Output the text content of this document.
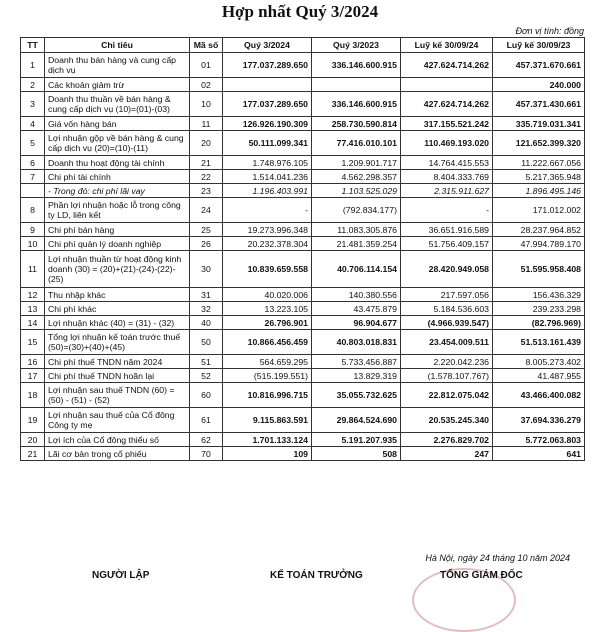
Hợp nhất Quý 3/2024
Đơn vị tính: đồng
TT	Chỉ tiêu	Mã số	Quý 3/2024	Quý 3/2023	Luỹ kế 30/09/24	Luỹ kế 30/09/23
1	Doanh thu bán hàng và cung cấp dịch vụ	01	177.037.289.650	336.146.600.915	427.624.714.262	457.371.670.661
2	Các khoản giảm trừ	02				240.000
3	Doanh thu thuần về bán hàng & cung cấp dịch vụ (10)=(01)-(03)	10	177.037.289.650	336.146.600.915	427.624.714.262	457.371.430.661
4	Giá vốn hàng bán	11	126.926.190.309	258.730.590.814	317.155.521.242	335.719.031.341
5	Lợi nhuận gộp về bán hàng & cung cấp dịch vụ (20)=(10)-(11)	20	50.111.099.341	77.416.010.101	110.469.193.020	121.652.399.320
6	Doanh thu hoạt động tài chính	21	1.748.976.105	1.209.901.717	14.764.415.553	11.222.667.056
7	Chi phí tài chính	22	1.514.041.236	4.562.298.357	8.404.333.769	5.217.365.948
	- Trong đó: chi phí lãi vay	23	1.196.403.991	1.103.525.029	2.315.911.627	1.896.495.146
8	Phần lợi nhuận hoặc lỗ trong công ty LD, liên kết	24	-	(792.834.177)	-	171.012.002
9	Chi phí bán hàng	25	19.273.996.348	11.083.305.876	36.651.916.589	28.237.964.852
10	Chi phí quản lý doanh nghiệp	26	20.232.378.304	21.481.359.254	51.756.409.157	47.994.789.170
11	Lợi nhuận thuần từ hoạt động kinh doanh (30) = (20)+(21)-(24)-(22)-(25)	30	10.839.659.558	40.706.114.154	28.420.949.058	51.595.958.408
12	Thu nhập khác	31	40.020.006	140.380.556	217.597.056	156.436.329
13	Chi phí khác	32	13.223.105	43.475.879	5.184.536.603	239.233.298
14	Lợi nhuận khác (40) = (31) - (32)	40	26.796.901	96.904.677	(4.966.939.547)	(82.796.969)
15	Tổng lợi nhuận kế toán trước thuế (50)=(30)+(40)+(45)	50	10.866.456.459	40.803.018.831	23.454.009.511	51.513.161.439
16	Chi phí thuế TNDN năm 2024	51	564.659.295	5.733.456.887	2.220.042.236	8.005.273.402
17	Chi phí thuế TNDN hoãn lại	52	(515.199.551)	13.829.319	(1.578.107.767)	41.487.955
18	Lợi nhuận sau thuế TNDN (60) = (50) - (51) - (52)	60	10.816.996.715	35.055.732.625	22.812.075.042	43.466.400.082
19	Lợi nhuận sau thuế của Cổ đông Công ty mẹ	61	9.115.863.591	29.864.524.690	20.535.245.340	37.694.336.279
20	Lợi ích của Cổ đông thiểu số	62	1.701.133.124	5.191.207.935	2.276.829.702	5.772.063.803
21	Lãi cơ bản trong cổ phiếu	70	109	508	247	641
Hà Nội, ngày 24 tháng 10 năm 2024
NGƯỜI LẬP	KẾ TOÁN TRƯỞNG	TỔNG GIÁM ĐỐC
